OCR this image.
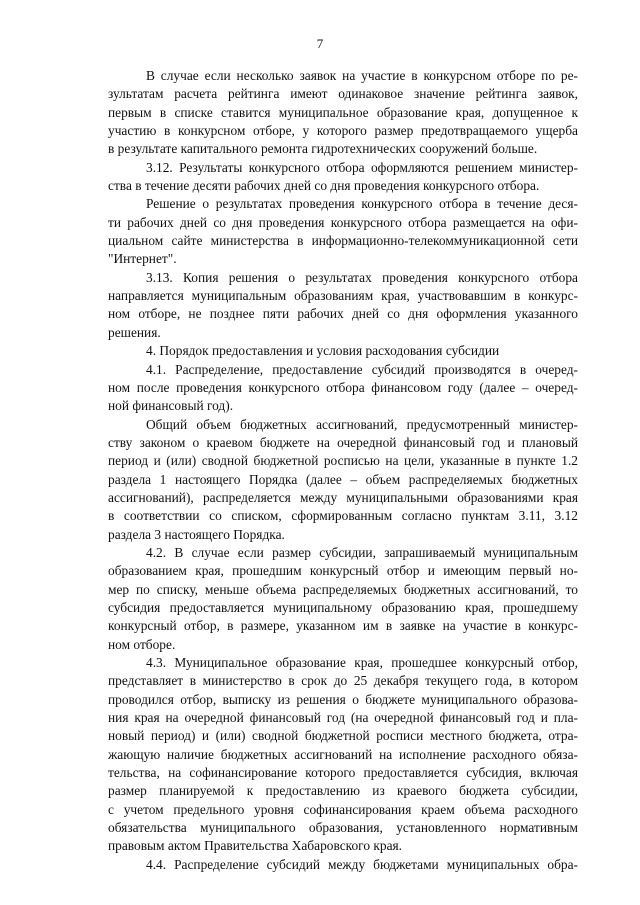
7

В случае если несколько заявок на участие в конкурсном отборе по ре-
зультатам расчета рейтинга имеют одинаковое значение рейтинга заявок,
первым в списке ставится муниципальное образование края, допущенное к
участию в конкурсном отборе, у которого размер предотвращаемого ущерба
в результате капитального ремонта гидротехнических сооружений больше.

3.12. Результаты конкурсного отбора оформляются решением министер-
ства в течение десяти рабочих дней со дня проведения конкурсного отбора.

Решение о результатах проведения конкурсного отбора в течение деся-
ти рабочих дней со дня проведения конкурсного отбора размещается на офи-
циальном сайте министерства в информационно-телекоммуникационной сети
"Интернет".

3.13. Копия решения о результатах проведения конкурсного отбора
направляется муниципальным образованиям края, участвовавшим в конкурс-
ном отборе, не позднее пяти рабочих дней со дня оформления указанного
решения.

4. Порядок предоставления и условия расходования субсидии

4.1. Распределение, предоставление субсидий производятся в очеред-
ном после проведения конкурсного отбора финансовом году (далее – очеред-
ной финансовый год).

Общий объем бюджетных ассигнований, предусмотренный министер-
ству законом о краевом бюджете на очередной финансовый год и плановый
период и (или) сводной бюджетной росписью на цели, указанные в пункте 1.2
раздела 1 настоящего Порядка (далее – объем распределяемых бюджетных
ассигнований), распределяется между муниципальными образованиями края
в соответствии со списком, сформированным согласно пунктам 3.11, 3.12
раздела 3 настоящего Порядка.

4.2. В случае если размер субсидии, запрашиваемый муниципальным
образованием края, прошедшим конкурсный отбор и имеющим первый но-
мер по списку, меньше объема распределяемых бюджетных ассигнований, то
субсидия предоставляется муниципальному образованию края, прошедшему
конкурсный отбор, в размере, указанном им в заявке на участие в конкурс-
ном отборе.

4.3. Муниципальное образование края, прошедшее конкурсный отбор,
представляет в министерство в срок до 25 декабря текущего года, в котором
проводился отбор, выписку из решения о бюджете муниципального образова-
ния края на очередной финансовый год (на очередной финансовый год и пла-
новый период) и (или) сводной бюджетной росписи местного бюджета, отра-
жающую наличие бюджетных ассигнований на исполнение расходного обяза-
тельства, на софинансирование которого предоставляется субсидия, включая
размер планируемой к предоставлению из краевого бюджета субсидии,
с учетом предельного уровня софинансирования краем объема расходного
обязательства муниципального образования, установленного нормативным
правовым актом Правительства Хабаровского края.

4.4. Распределение субсидий между бюджетами муниципальных обра-
